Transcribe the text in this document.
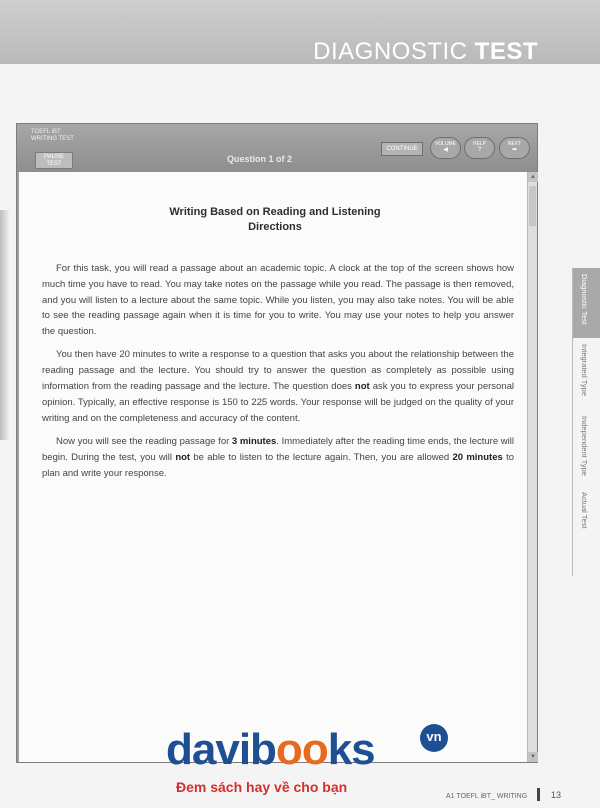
DIAGNOSTIC TEST
TOEFL iBT
WRITING TEST
PAUSE
TEST	Question 1 of 2
CONTINUE
VOLUME
◀
HELP
?
NEXT
➡
Writing Based on Reading and Listening
Directions

For this task, you will read a passage about an academic topic. A clock at the top of the screen shows how much time you have to read. You may take notes on the passage while you read. The passage is then removed, and you will listen to a lecture about the same topic. While you listen, you may also take notes. You will be able to see the reading passage again when it is time for you to write. You may use your notes to help you answer the question.

You then have 20 minutes to write a response to a question that asks you about the relationship between the reading passage and the lecture. You should try to answer the question as completely as possible using information from the reading passage and the lecture. The question does not ask you to express your personal opinion. Typically, an effective response is 150 to 225 words. Your response will be judged on the quality of your writing and on the completeness and accuracy of the content.

Now you will see the reading passage for 3 minutes. Immediately after the reading time ends, the lecture will begin. During the test, you will not be able to listen to the lecture again. Then, you are allowed 20 minutes to plan and write your response.

▲
▼
Diagnostic Test
Integrated Type
Independent Type
Actual Test
davibooks	vn
Đem sách hay về cho bạn
A1 TOEFL iBT_ WRITING	13
